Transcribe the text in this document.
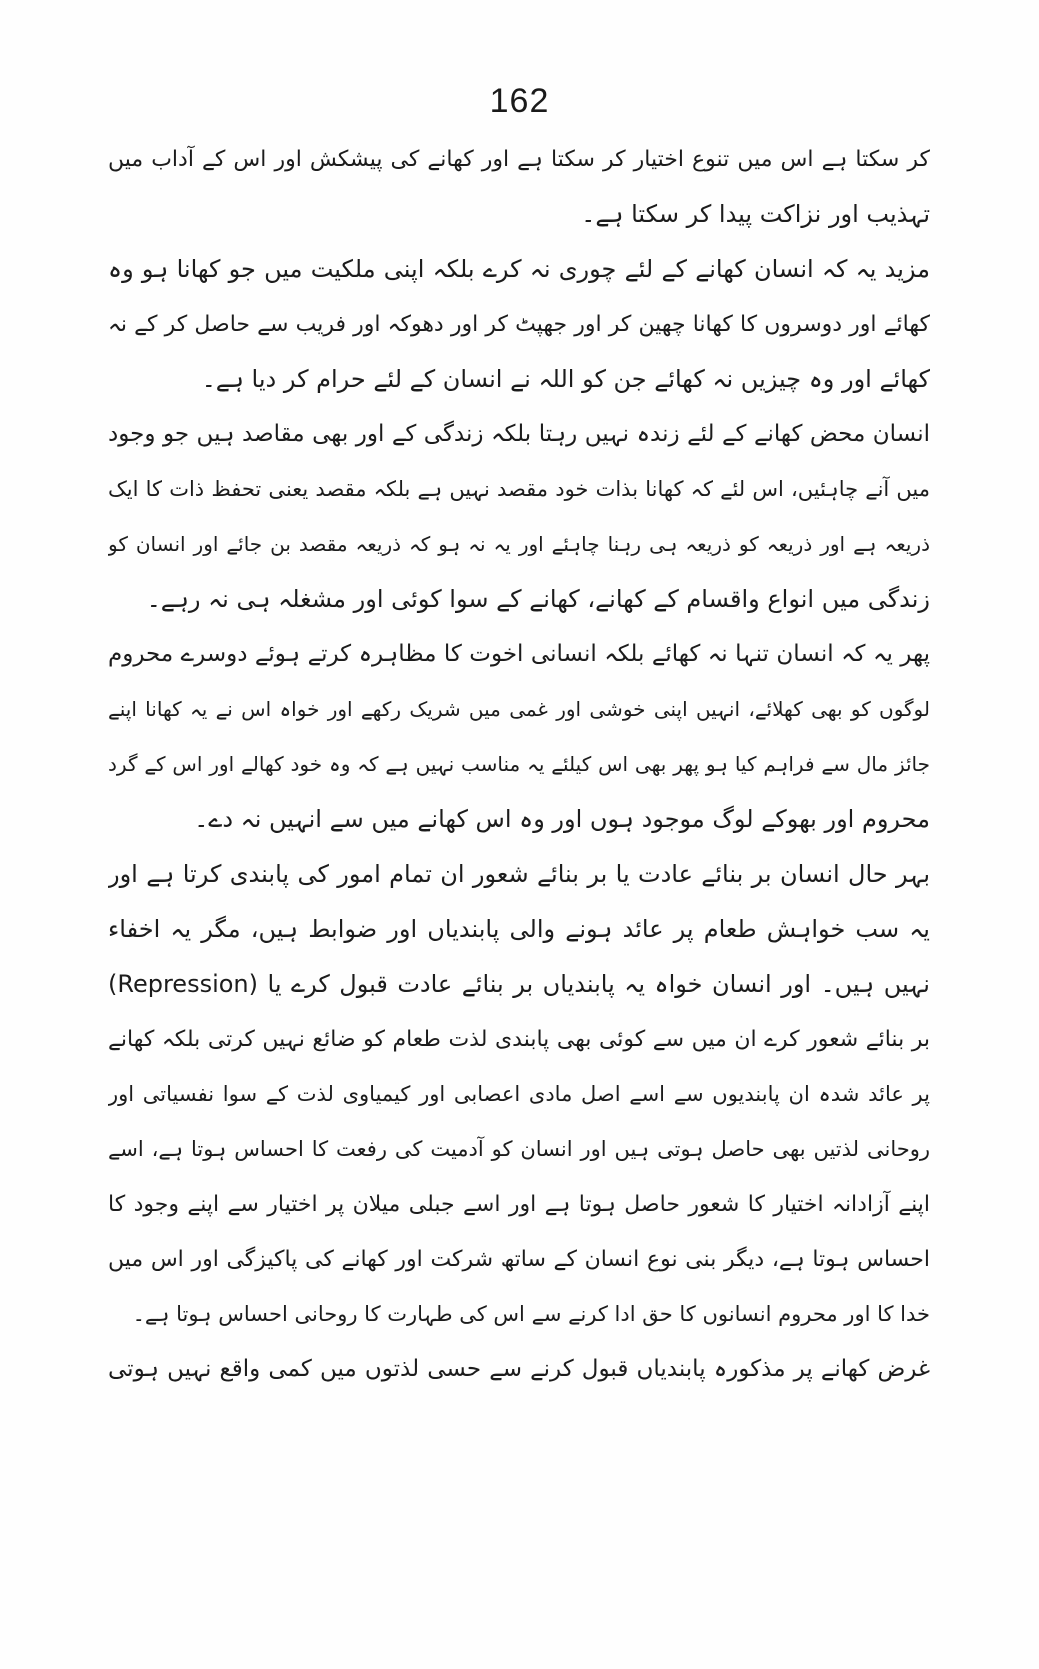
162
کر سکتا ہے اس میں تنوع اختیار کر سکتا ہے اور کھانے کی پیشکش اور اس کے آداب میں
تہذیب اور نزاکت پیدا کر سکتا ہے۔
مزید یہ کہ انسان کھانے کے لئے چوری نہ کرے بلکہ اپنی ملکیت میں جو کھانا ہو وہ
کھائے اور دوسروں کا کھانا چھین کر اور جھپٹ کر اور دھوکہ اور فریب سے حاصل کر کے نہ
کھائے اور وہ چیزیں نہ کھائے جن کو اللہ نے انسان کے لئے حرام کر دیا ہے۔
انسان محض کھانے کے لئے زندہ نہیں رہتا بلکہ زندگی کے اور بھی مقاصد ہیں جو وجود
میں آنے چاہئیں، اس لئے کہ کھانا بذات خود مقصد نہیں ہے بلکہ مقصد یعنی تحفظ ذات کا ایک
ذریعہ ہے اور ذریعہ کو ذریعہ ہی رہنا چاہئے اور یہ نہ ہو کہ ذریعہ مقصد بن جائے اور انسان کو
زندگی میں انواع واقسام کے کھانے، کھانے کے سوا کوئی اور مشغلہ ہی نہ رہے۔
پھر یہ کہ انسان تنہا نہ کھائے بلکہ انسانی اخوت کا مظاہرہ کرتے ہوئے دوسرے محروم
لوگوں کو بھی کھلائے، انہیں اپنی خوشی اور غمی میں شریک رکھے اور خواہ اس نے یہ کھانا اپنے
جائز مال سے فراہم کیا ہو پھر بھی اس کیلئے یہ مناسب نہیں ہے کہ وہ خود کھالے اور اس کے گرد
محروم اور بھوکے لوگ موجود ہوں اور وہ اس کھانے میں سے انہیں نہ دے۔
بہر حال انسان بر بنائے عادت یا بر بنائے شعور ان تمام امور کی پابندی کرتا ہے اور
یہ سب خواہش طعام پر عائد ہونے والی پابندیاں اور ضوابط ہیں، مگر یہ اخفاء
(Repression) نہیں ہیں۔ اور انسان خواہ یہ پابندیاں بر بنائے عادت قبول کرے یا
بر بنائے شعور کرے ان میں سے کوئی بھی پابندی لذت طعام کو ضائع نہیں کرتی بلکہ کھانے
پر عائد شدہ ان پابندیوں سے اسے اصل مادی اعصابی اور کیمیاوی لذت کے سوا نفسیاتی اور
روحانی لذتیں بھی حاصل ہوتی ہیں اور انسان کو آدمیت کی رفعت کا احساس ہوتا ہے، اسے
اپنے آزادانہ اختیار کا شعور حاصل ہوتا ہے اور اسے جبلی میلان پر اختیار سے اپنے وجود کا
احساس ہوتا ہے، دیگر بنی نوع انسان کے ساتھ شرکت اور کھانے کی پاکیزگی اور اس میں
خدا کا اور محروم انسانوں کا حق ادا کرنے سے اس کی طہارت کا روحانی احساس ہوتا ہے۔
غرض کھانے پر مذکورہ پابندیاں قبول کرنے سے حسی لذتوں میں کمی واقع نہیں ہوتی
